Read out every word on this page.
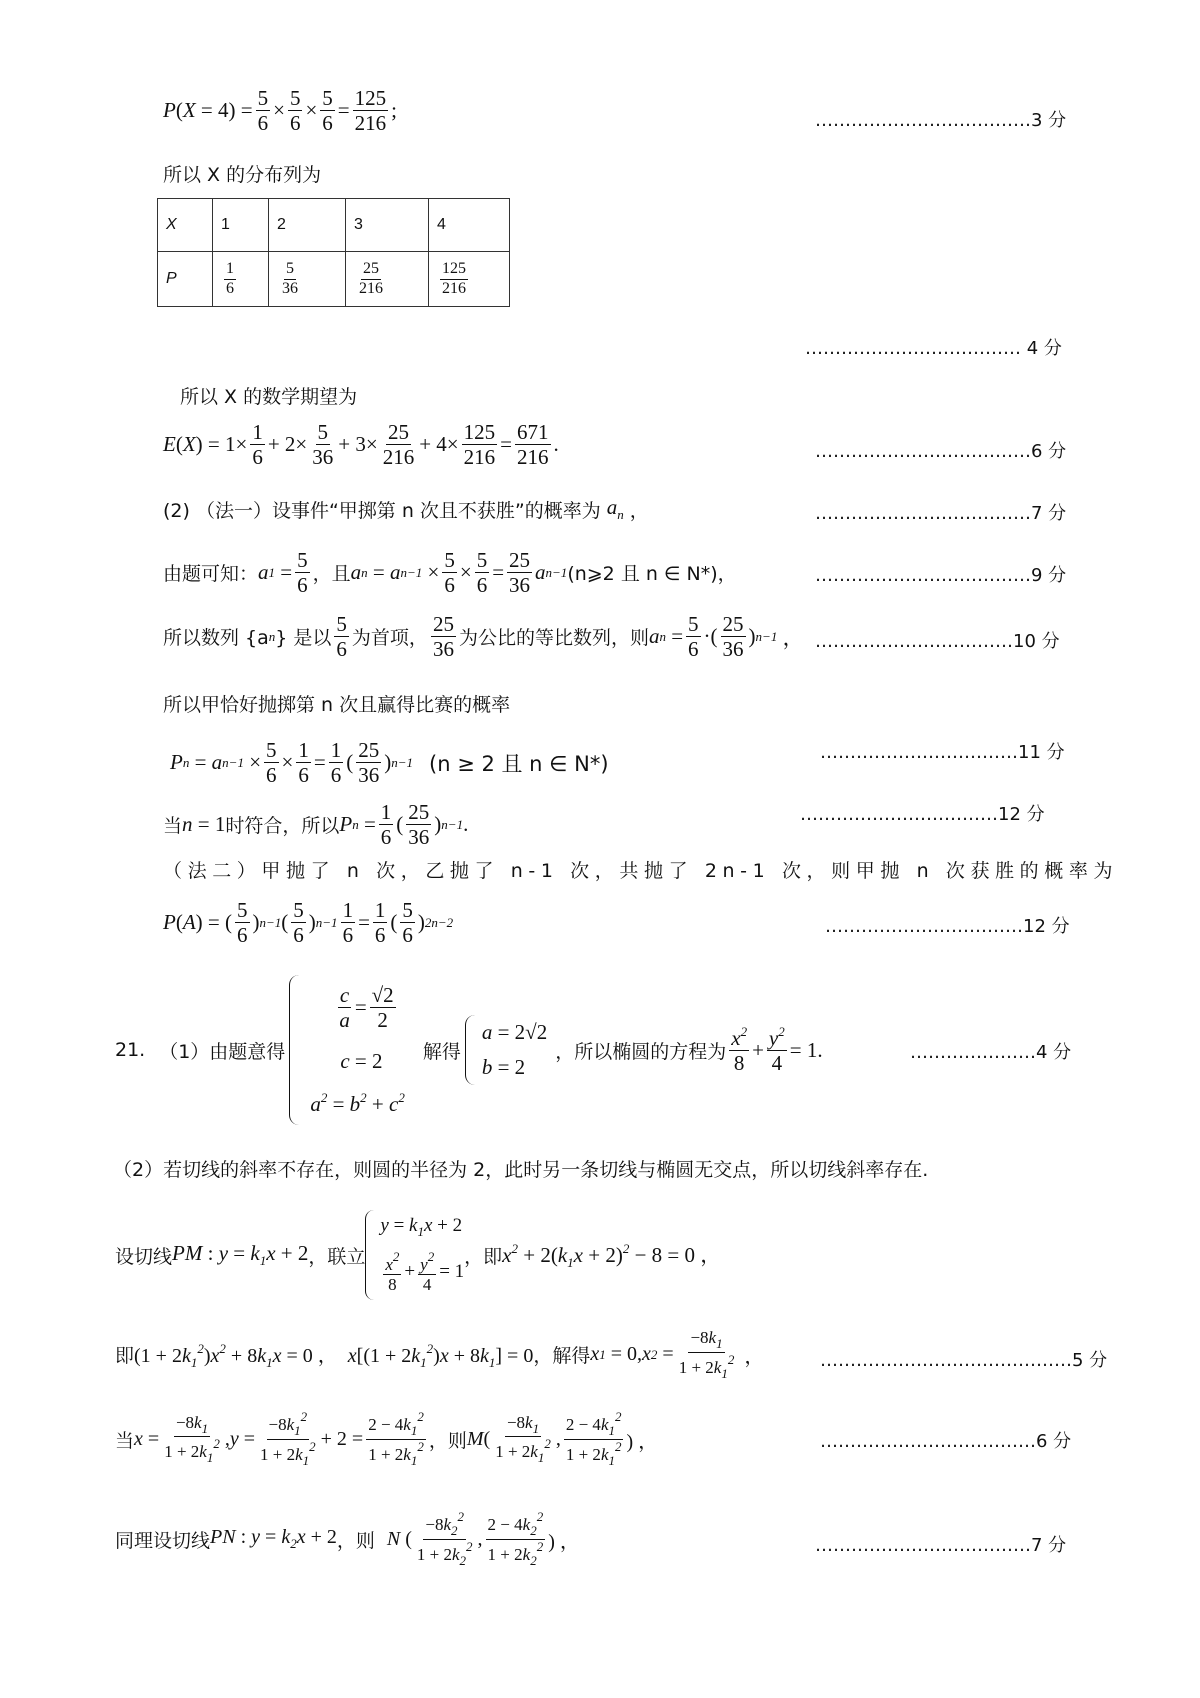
P ( $X = 4) = \frac{5}{6} \times \frac{5}{6} \times \frac{5}{6} = \frac{125}{216}$ ;	………………………………3 分
所以 X 的分布列为
X	1	2	3	4
P	$\frac{1}{6}$	$\frac{5}{36}$	$\frac{25}{216}$	$\frac{125}{216}$
……………………………… 4 分
所以 X 的数学期望为
E ( X ) = $1\times \frac{1}{6} + 2\times \frac{5}{36} + 3\times \frac{25}{216} + 4\times \frac{125}{216} = \frac{671}{216}$ .	………………………………6 分
(2) （法一）设事件“甲掷第 n 次且不获胜”的概率为 $a_n$ ，	………………………………7 分
由题可知： a $1 = \frac{5}{6}$ ，且 a n = a $n-1 \times \frac{5}{6} \times \frac{5}{6} = \frac{25}{36}$ a n−1 (n⩾2 且 n ∈ N*)，	………………………………9 分
所以数列 {a n } 是以 $\frac{5}{6}$ 为首项， $\frac{25}{36}$ 为公比的等比数列，则 a $n = \frac{5}{6}$ ·( $\frac{25}{36}$ ) n−1 ， ……………………………10 分
所以甲恰好抛掷第 n 次且赢得比赛的概率
P n = a $n-1 \times \frac{5}{6} \times \frac{1}{6} = \frac{1}{6}$ ( $\frac{25}{36}$ ) n−1 (n ≥ 2 且 n ∈ N*)	……………………………11 分
当 n = 1 时符合，所以 P $n = \frac{1}{6}$ ( $\frac{25}{36}$ ) n−1 .	……………………………12 分
（法二）甲抛了 n 次，乙抛了 n-1 次，共抛了 2n-1 次，则甲抛 n 次获胜的概率为
P ( A ) = ( $\frac{5}{6}$ ) n−1 ( $\frac{5}{6}$ ) $n-1 \frac{1}{6} = \frac{1}{6}$ ( $\frac{5}{6}$ ) 2n−2	……………………………12 分
21. （1）由题意得
$\frac{c}{a} = \frac{√2}{2}$
c = 2
$a^2 = b^2 + c^2$
解得
a = 2√2
b = 2
，所以椭圆的方程为 $\frac{x^2}{8} + \frac{y^2}{4} = 1$.	…………………4 分
（2）若切线的斜率不存在，则圆的半径为 2，此时另一条切线与椭圆无交点，所以切线斜率存在.
设切线 PM : $y = k_1x + 2$ ，联立
$y = k_1x + 2$
$\frac{x^2}{8} + \frac{y^2}{4} = 1$
，即 $x^2 + 2(k_1x + 2)^2 - 8 = 0$ ，
即 $(1 + 2k_1^2)x^2 + 8k_1x = 0$ ，  $x[(1 + 2k_1^2)x + 8k_1] = 0$ ，解得 x 1 = 0, x $2 = \frac{-8k_1}{1 + 2k_1^2}$ ，	……………………………………5 分
当 $x = \frac{-8k_1}{1 + 2k_1^2}$ , $y = \frac{-8k_1^2}{1 + 2k_1^2} + 2 = \frac{2 - 4k_1^2}{1 + 2k_1^2}$ ，则 M ( $\frac{-8k_1}{1 + 2k_1^2}$ , $\frac{2 - 4k_1^2}{1 + 2k_1^2}$ ) ，	………………………………6 分
同理设切线 PN : $y = k_2x + 2$ ，则 N ( $\frac{-8k_2^2}{1 + 2k_2^2}$ , $\frac{2 - 4k_2^2}{1 + 2k_2^2}$ ) ，	………………………………7 分
